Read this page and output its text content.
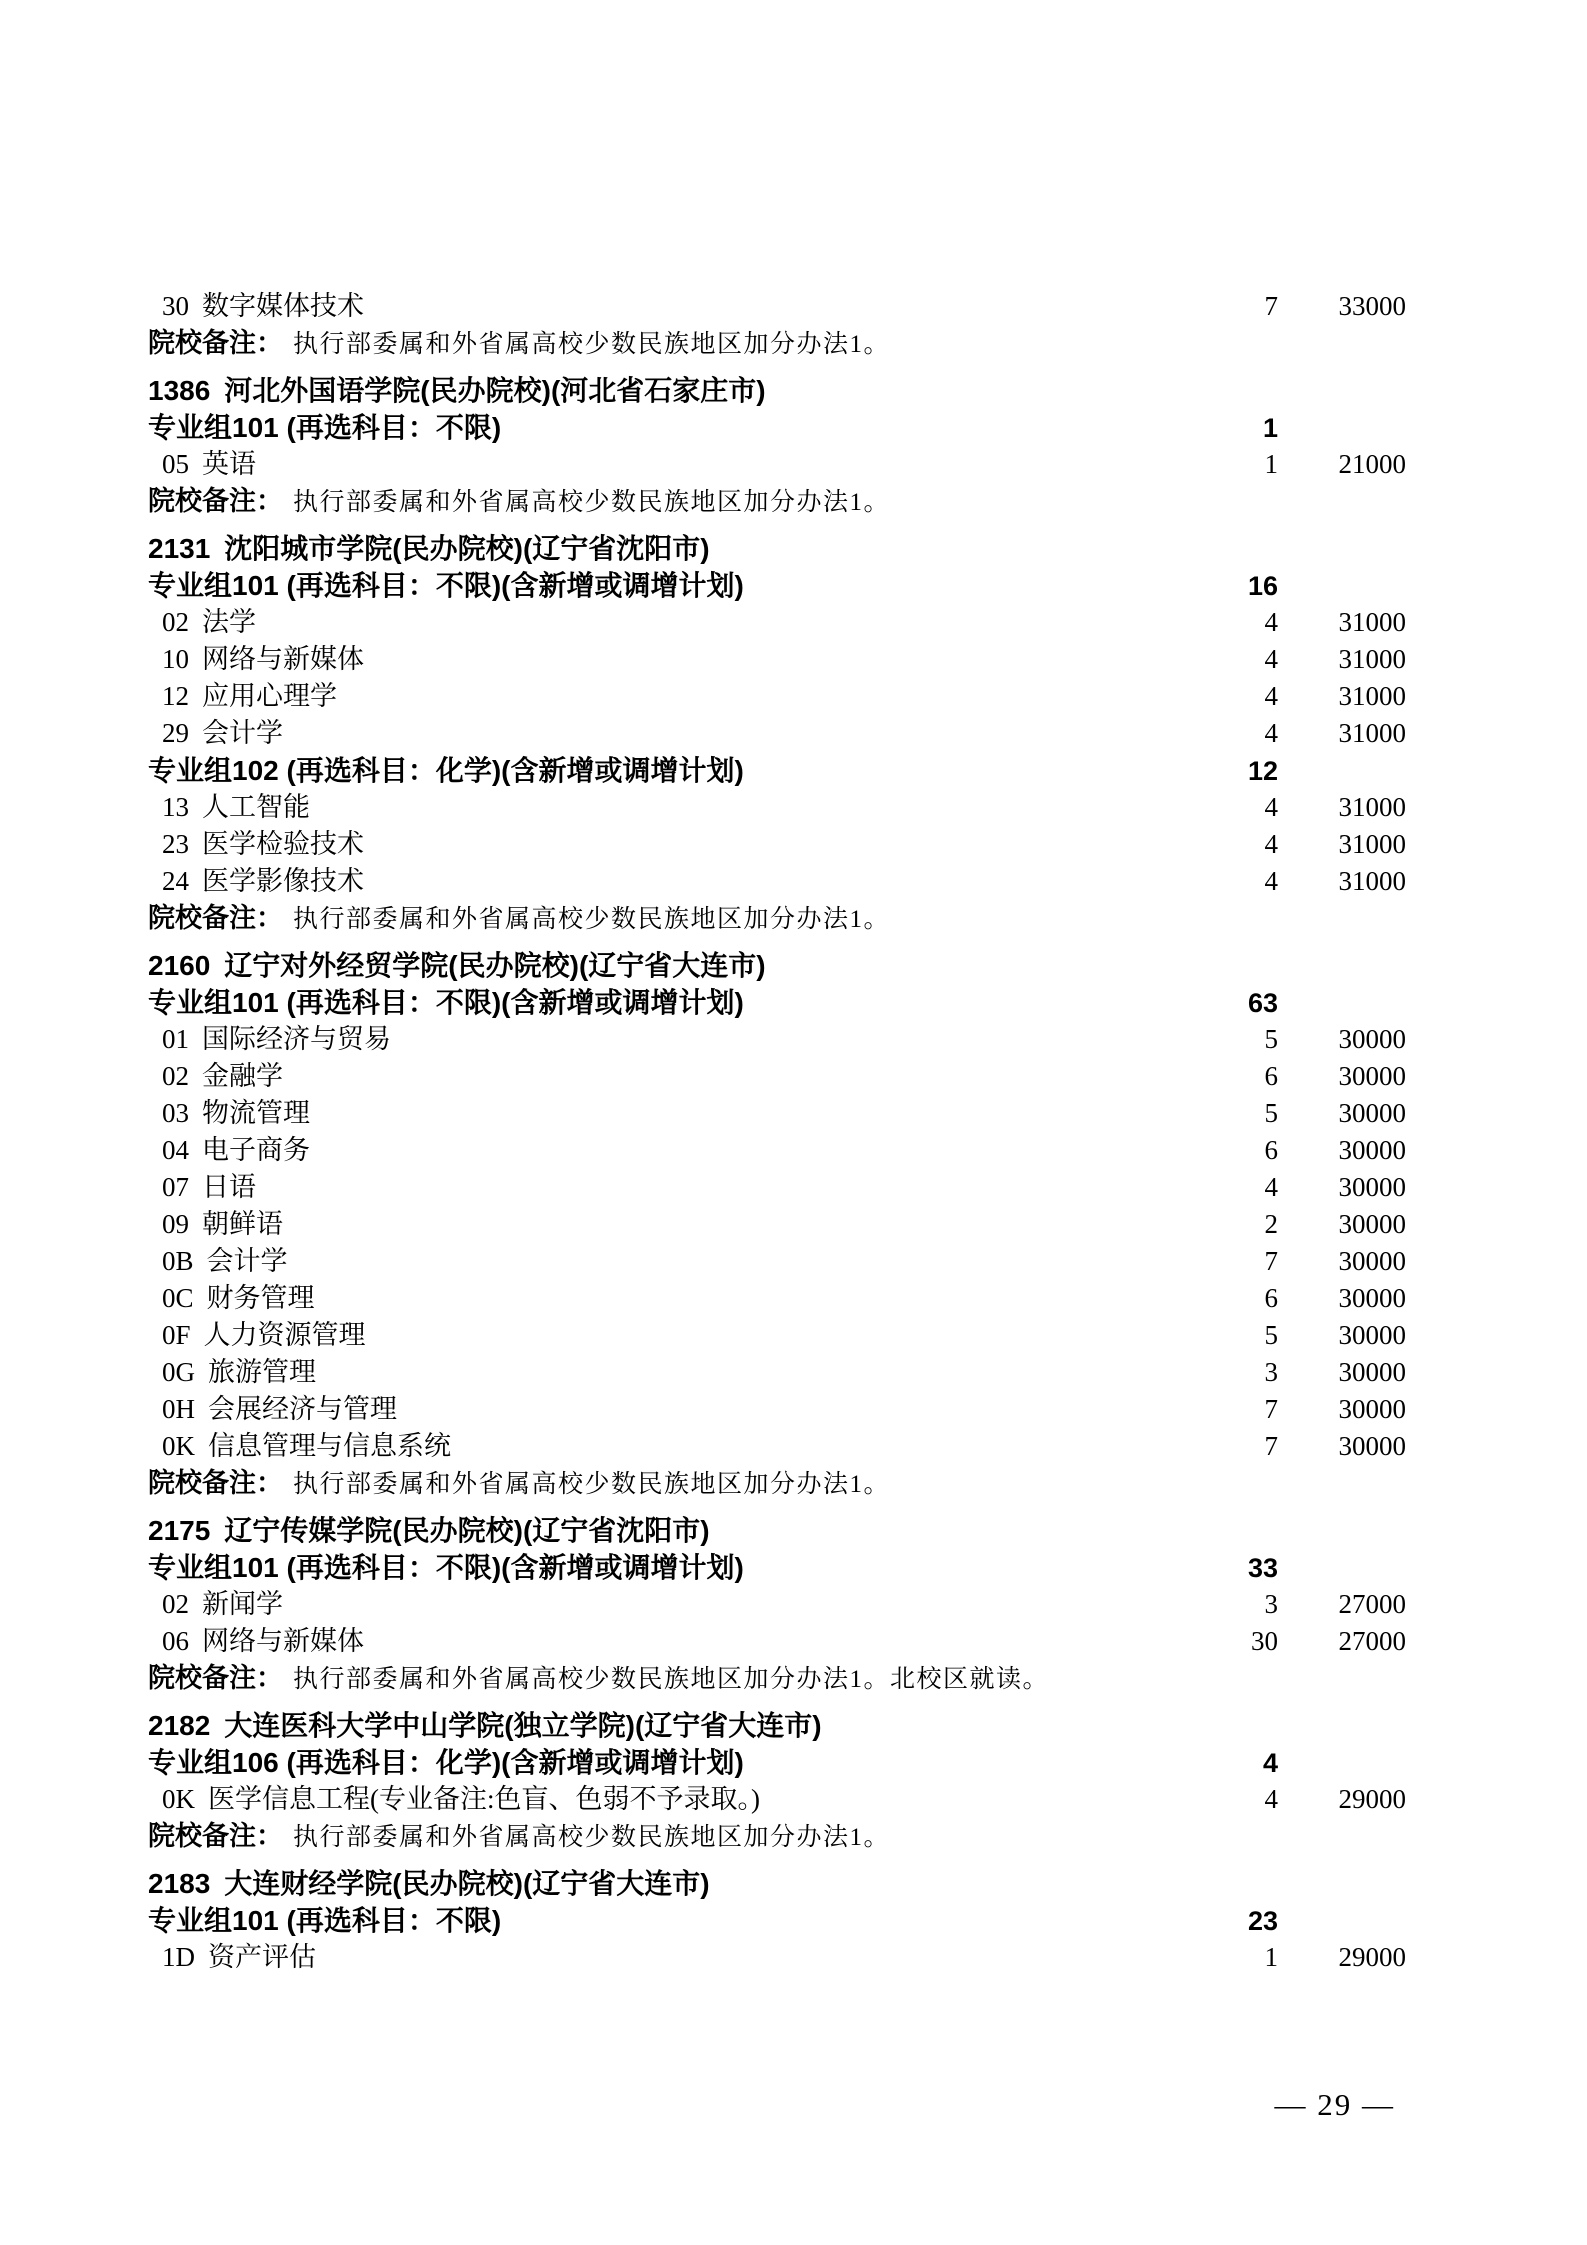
30 数字媒体技术	7	33000
院校备注： 执行部委属和外省属高校少数民族地区加分办法1。
1386 河北外国语学院(民办院校)(河北省石家庄市)
专业组101 (再选科目：不限)	1
05 英语	1	21000
院校备注： 执行部委属和外省属高校少数民族地区加分办法1。
2131 沈阳城市学院(民办院校)(辽宁省沈阳市)
专业组101 (再选科目：不限)(含新增或调增计划)	16
02 法学	4	31000
10 网络与新媒体	4	31000
12 应用心理学	4	31000
29 会计学	4	31000
专业组102 (再选科目：化学)(含新增或调增计划)	12
13 人工智能	4	31000
23 医学检验技术	4	31000
24 医学影像技术	4	31000
院校备注： 执行部委属和外省属高校少数民族地区加分办法1。
2160 辽宁对外经贸学院(民办院校)(辽宁省大连市)
专业组101 (再选科目：不限)(含新增或调增计划)	63
01 国际经济与贸易	5	30000
02 金融学	6	30000
03 物流管理	5	30000
04 电子商务	6	30000
07 日语	4	30000
09 朝鲜语	2	30000
0B 会计学	7	30000
0C 财务管理	6	30000
0F 人力资源管理	5	30000
0G 旅游管理	3	30000
0H 会展经济与管理	7	30000
0K 信息管理与信息系统	7	30000
院校备注： 执行部委属和外省属高校少数民族地区加分办法1。
2175 辽宁传媒学院(民办院校)(辽宁省沈阳市)
专业组101 (再选科目：不限)(含新增或调增计划)	33
02 新闻学	3	27000
06 网络与新媒体	30	27000
院校备注： 执行部委属和外省属高校少数民族地区加分办法1。北校区就读。
2182 大连医科大学中山学院(独立学院)(辽宁省大连市)
专业组106 (再选科目：化学)(含新增或调增计划)	4
0K 医学信息工程(专业备注:色盲、色弱不予录取。)	4	29000
院校备注： 执行部委属和外省属高校少数民族地区加分办法1。
2183 大连财经学院(民办院校)(辽宁省大连市)
专业组101 (再选科目：不限)	23
1D 资产评估	1	29000
— 29 —
